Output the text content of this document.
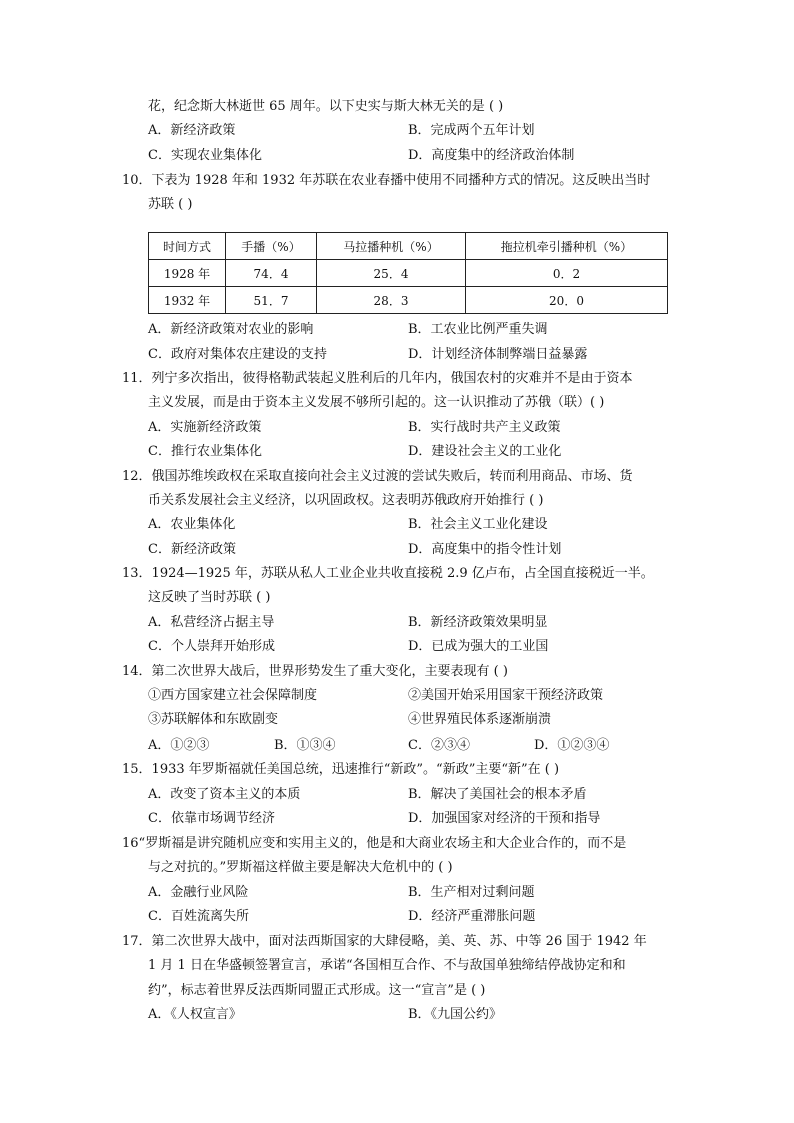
花，纪念斯大林逝世 65 周年。以下史实与斯大林无关的是 ( )
A．新经济政策	B．完成两个五年计划
C．实现农业集体化	D．高度集中的经济政治体制
10．下表为 1928 年和 1932 年苏联在农业春播中使用不同播种方式的情况。这反映出当时
苏联 ( )
时间方式	手播（%）	马拉播种机（%）	拖拉机牵引播种机（%）
1928 年	74．4	25．4	0．2
1932 年	51．7	28．3	20．0
A．新经济政策对农业的影响	B．工农业比例严重失调
C．政府对集体农庄建设的支持	D．计划经济体制弊端日益暴露
11．列宁多次指出，彼得格勒武装起义胜利后的几年内，俄国农村的灾难并不是由于资本
主义发展，而是由于资本主义发展不够所引起的。这一认识推动了苏俄（联）( )
A．实施新经济政策	B．实行战时共产主义政策
C．推行农业集体化	D．建设社会主义的工业化
12．俄国苏维埃政权在采取直接向社会主义过渡的尝试失败后，转而利用商品、市场、货
币关系发展社会主义经济，以巩固政权。这表明苏俄政府开始推行 ( )
A．农业集体化	B．社会主义工业化建设
C．新经济政策	D．高度集中的指令性计划
13．1924—1925 年，苏联从私人工业企业共收直接税 2.9 亿卢布，占全国直接税近一半。
这反映了当时苏联 ( )
A．私营经济占据主导	B．新经济政策效果明显
C．个人崇拜开始形成	D．已成为强大的工业国
14．第二次世界大战后，世界形势发生了重大变化，主要表现有 ( )
①西方国家建立社会保障制度	②美国开始采用国家干预经济政策
③苏联解体和东欧剧变	④世界殖民体系逐渐崩溃
A．①②③	B．①③④	C．②③④	D．①②③④
15．1933 年罗斯福就任美国总统，迅速推行“新政”。“新政”主要“新”在 ( )
A．改变了资本主义的本质	B．解决了美国社会的根本矛盾
C．依靠市场调节经济	D．加强国家对经济的干预和指导
16“罗斯福是讲究随机应变和实用主义的，他是和大商业农场主和大企业合作的，而不是
与之对抗的。”罗斯福这样做主要是解决大危机中的 ( )
A．金融行业风险	B．生产相对过剩问题
C．百姓流离失所	D．经济严重滞胀问题
17．第二次世界大战中，面对法西斯国家的大肆侵略，美、英、苏、中等 26 国于 1942 年
1 月 1 日在华盛顿签署宣言，承诺“各国相互合作、不与敌国单独缔结停战协定和和
约”，标志着世界反法西斯同盟正式形成。这一“宣言”是 ( )
A．《人权宣言》	B．《九国公约》
